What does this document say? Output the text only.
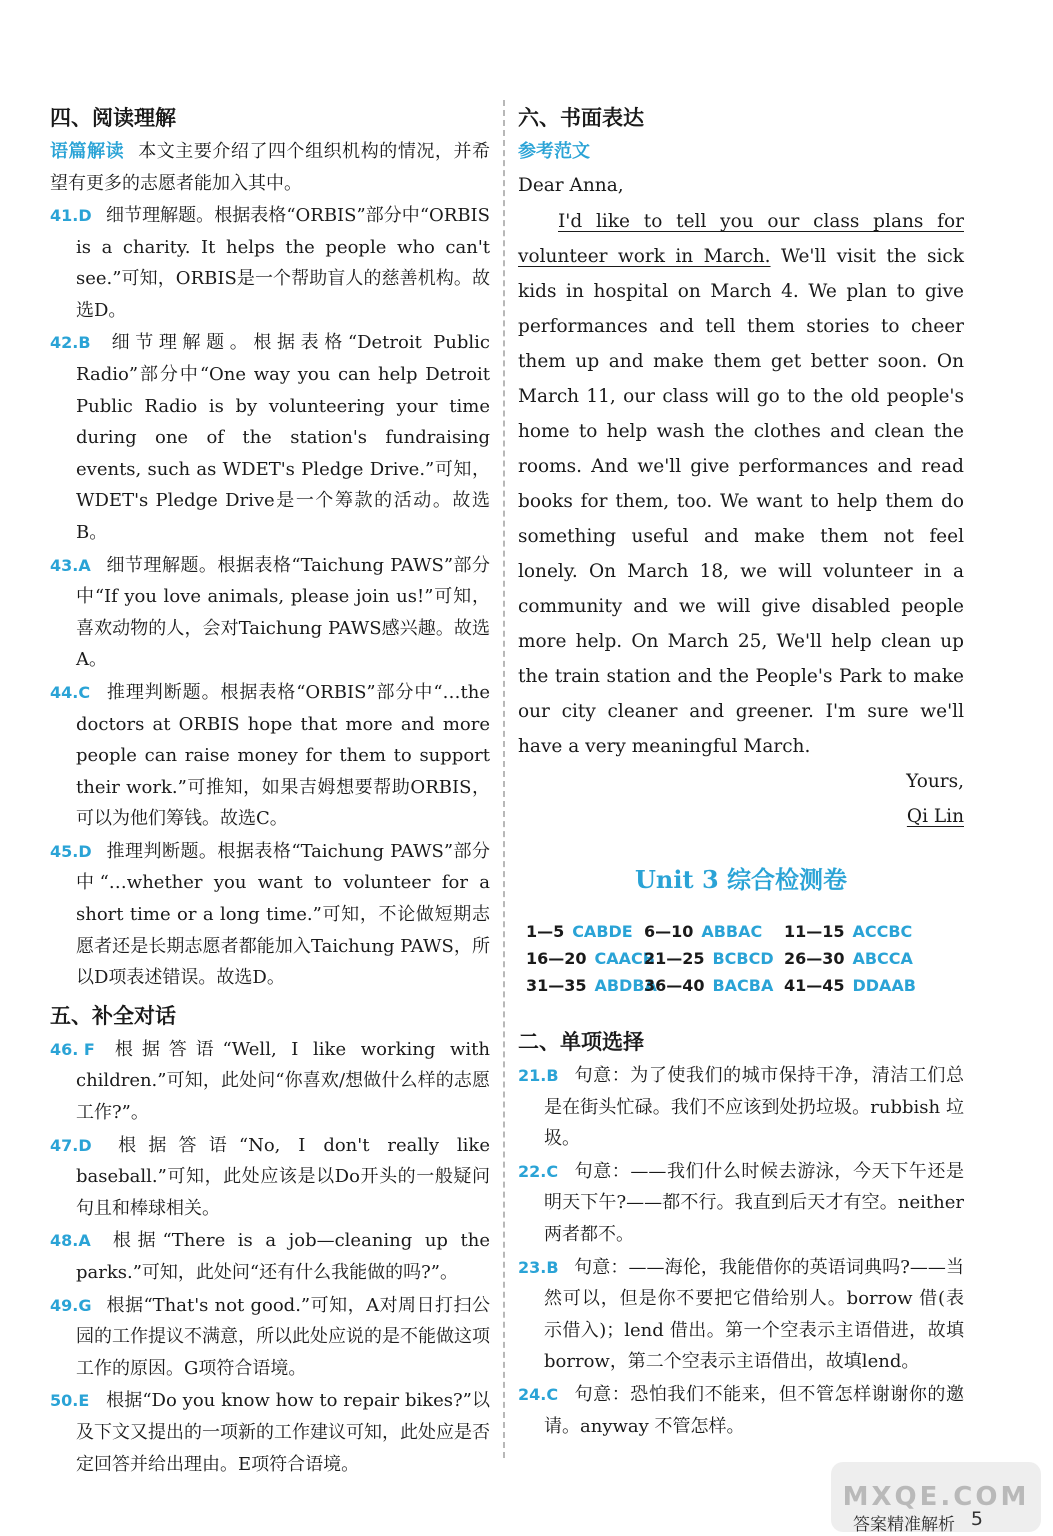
四、阅读理解
语篇解读 本文主要介绍了四个组织机构的情况，并希望有更多的志愿者能加入其中。
41.D 细节理解题。根据表格“ORBIS”部分中“ORBIS is a charity. It helps the people who can't see.”可知，ORBIS是一个帮助盲人的慈善机构。故选D。
42.B 细节理解题。根据表格“Detroit Public Radio”部分中“One way you can help Detroit Public Radio is by volunteering your time during one of the station's fundraising events, such as WDET's Pledge Drive.”可知，WDET's Pledge Drive是一个筹款的活动。故选B。
43.A 细节理解题。根据表格“Taichung PAWS”部分中“If you love animals, please join us!”可知，喜欢动物的人，会对Taichung PAWS感兴趣。故选A。
44.C 推理判断题。根据表格“ORBIS”部分中“…the doctors at ORBIS hope that more and more people can raise money for them to support their work.”可推知，如果吉姆想要帮助ORBIS，可以为他们筹钱。故选C。
45.D 推理判断题。根据表格“Taichung PAWS”部分中“…whether you want to volunteer for a short time or a long time.”可知，不论做短期志愿者还是长期志愿者都能加入Taichung PAWS，所以D项表述错误。故选D。
五、补全对话
46. F 根据答语“Well, I like working with children.”可知，此处问“你喜欢/想做什么样的志愿工作?”。
47.D 根据答语“No, I don't really like baseball.”可知，此处应该是以Do开头的一般疑问句且和棒球相关。
48.A 根据“There is a job—cleaning up the parks.”可知，此处问“还有什么我能做的吗?”。
49.G 根据“That's not good.”可知，A对周日打扫公园的工作提议不满意，所以此处应说的是不能做这项工作的原因。G项符合语境。
50.E 根据“Do you know how to repair bikes?”以及下文又提出的一项新的工作建议可知，此处应是否定回答并给出理由。E项符合语境。
六、书面表达
参考范文
Dear Anna,
I'd like to tell you our class plans for volunteer work in March. We'll visit the sick kids in hospital on March 4. We plan to give performances and tell them stories to cheer them up and make them get better soon. On March 11, our class will go to the old people's home to help wash the clothes and clean the rooms. And we'll give performances and read books for them, too. We want to help them do something useful and make them not feel lonely. On March 18, we will volunteer in a community and we will give disabled people more help. On March 25, We'll help clean up the train station and the People's Park to make our city cleaner and greener. I'm sure we'll have a very meaningful March.
Yours,
Qi Lin
Unit 3 综合检测卷
1—5 CABDE 6—10 ABBAC	11—15 ACCBC
16—20 CAACB
21—25 BCBCD 26—30 ABCCA
31—35 ABDBA
36—40 BACBA 41—45 DDAAB
二、单项选择
21.B 句意：为了使我们的城市保持干净，清洁工们总是在街头忙碌。我们不应该到处扔垃圾。rubbish 垃圾。
22.C 句意：——我们什么时候去游泳，今天下午还是明天下午?——都不行。我直到后天才有空。neither 两者都不。
23.B 句意：——海伦，我能借你的英语词典吗?——当然可以，但是你不要把它借给别人。borrow 借(表示借入)；lend 借出。第一个空表示主语借进，故填borrow，第二个空表示主语借出，故填lend。
24.C 句意：恐怕我们不能来，但不管怎样谢谢你的邀请。anyway 不管怎样。
答案精准解析 5
MXQE.COM
